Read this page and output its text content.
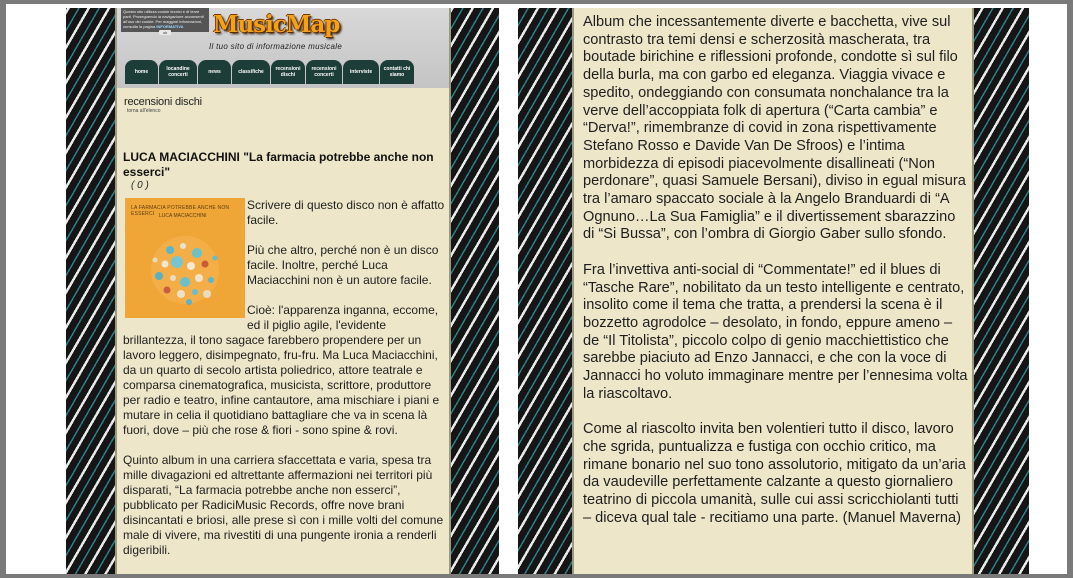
Questo sito utilizza cookie tecnici e di terze parti. Proseguendo la navigazione acconsenti all'uso dei cookie. Per maggiori informazioni, consulta la pagina INFORMATIVA
ok	MusicMap
Il tuo sito di informazione musicale
home	locandine concerti	news	classifiche	recensioni dischi
recensioni concerti	interviste	contatti chi siamo
recensioni dischi
torna all'elenco
LUCA MACIACCHINI "La farmacia potrebbe anche non esserci"
( 0 )
LA FARMACIA POTREBBE ANCHE NON ESSERCI LUCA MACIACCHINI

Scrivere di questo disco non è affatto facile.

Più che altro, perché non è un disco facile. Inoltre, perché Luca Maciacchini non è un autore facile.

Cioè: l'apparenza inganna, eccome, ed il piglio agile, l'evidente brillantezza, il tono sagace farebbero propendere per un lavoro leggero, disimpegnato, fru-fru. Ma Luca Maciacchini, da un quarto di secolo artista poliedrico, attore teatrale e comparsa cinematografica, musicista, scrittore, produttore per radio e teatro, infine cantautore, ama mischiare i piani e mutare in celia il quotidiano battagliare che va in scena là fuori, dove – più che rose & fiori - sono spine & rovi.

Quinto album in una carriera sfaccettata e varia, spesa tra mille divagazioni ed altrettante affermazioni nei territori più disparati, “La farmacia potrebbe anche non esserci”, pubblicato per RadiciMusic Records, offre nove brani disincantati e briosi, alle prese sì con i mille volti del comune male di vivere, ma rivestiti di una pungente ironia a renderli digeribili.

Album che incessantemente diverte e bacchetta, vive sul contrasto tra temi densi e scherzosità mascherata, tra boutade birichine e riflessioni profonde, condotte sì sul filo della burla, ma con garbo ed eleganza. Viaggia vivace e spedito, ondeggiando con consumata nonchalance tra la verve dell’accoppiata folk di apertura (“Carta cambia” e “Derva!”, rimembranze di covid in zona rispettivamente Stefano Rosso e Davide Van De Sfroos) e l’intima morbidezza di episodi piacevolmente disallineati (“Non perdonare”, quasi Samuele Bersani), diviso in egual misura tra l’amaro spaccato sociale à la Angelo Branduardi di “A Ognuno…La Sua Famiglia” e il divertissement sbarazzino di “Si Bussa”, con l’ombra di Giorgio Gaber sullo sfondo.

Fra l’invettiva anti-social di “Commentate!” ed il blues di “Tasche Rare”, nobilitato da un testo intelligente e centrato, insolito come il tema che tratta, a prendersi la scena è il bozzetto agrodolce – desolato, in fondo, eppure ameno – de “Il Titolista”, piccolo colpo di genio macchiettistico che sarebbe piaciuto ad Enzo Jannacci, e che con la voce di Jannacci ho voluto immaginare mentre per l’ennesima volta la riascoltavo.

Come al riascolto invita ben volentieri tutto il disco, lavoro che sgrida, puntualizza e fustiga con occhio critico, ma rimane bonario nel suo tono assolutorio, mitigato da un’aria da vaudeville perfettamente calzante a questo giornaliero teatrino di piccola umanità, sulle cui assi scricchiolanti tutti – diceva qual tale - recitiamo una parte. (Manuel Maverna)
